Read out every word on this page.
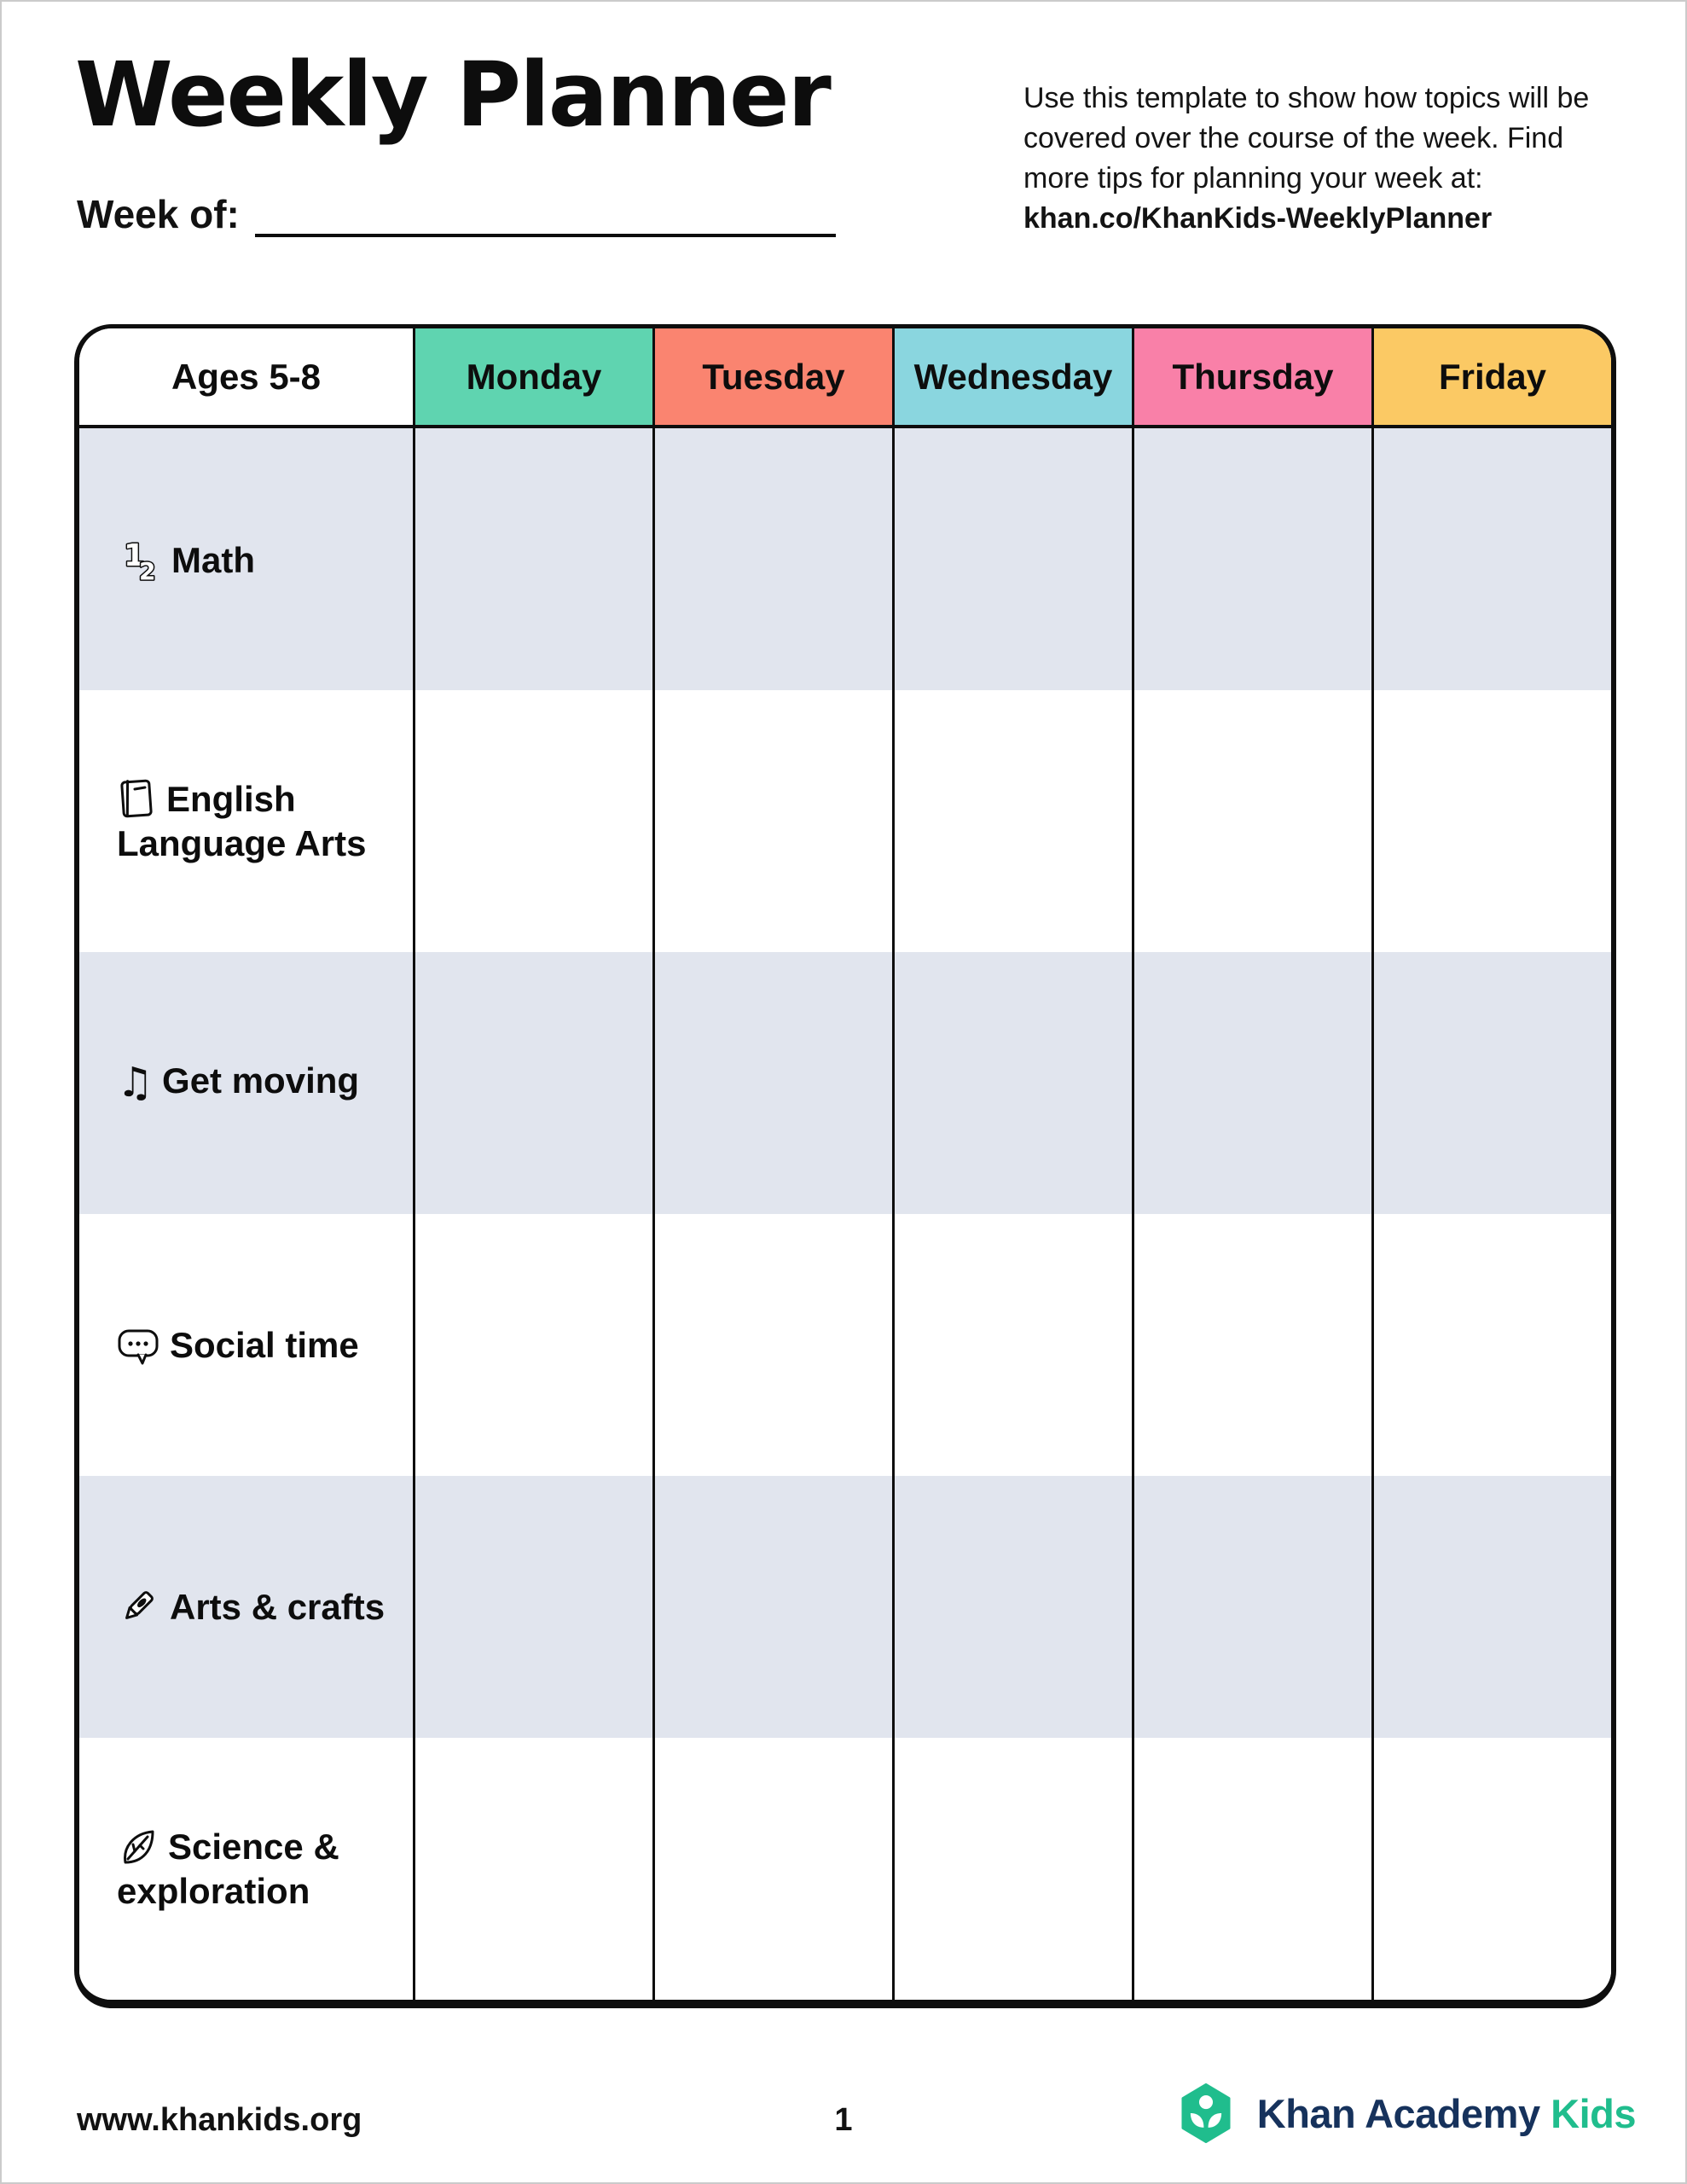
Weekly Planner
Week of:
Use this template to show how topics will be covered over the course of the week. Find more tips for planning your week at:
khan.co/KhanKids-WeeklyPlanner
Ages 5-8	Monday	Tuesday	Wednesday	Thursday	Friday
1
2 Math
English Language Arts
♫ Get moving
Social time
Arts & crafts
Science & exploration
www.khankids.org	1	Khan Academy Kids
